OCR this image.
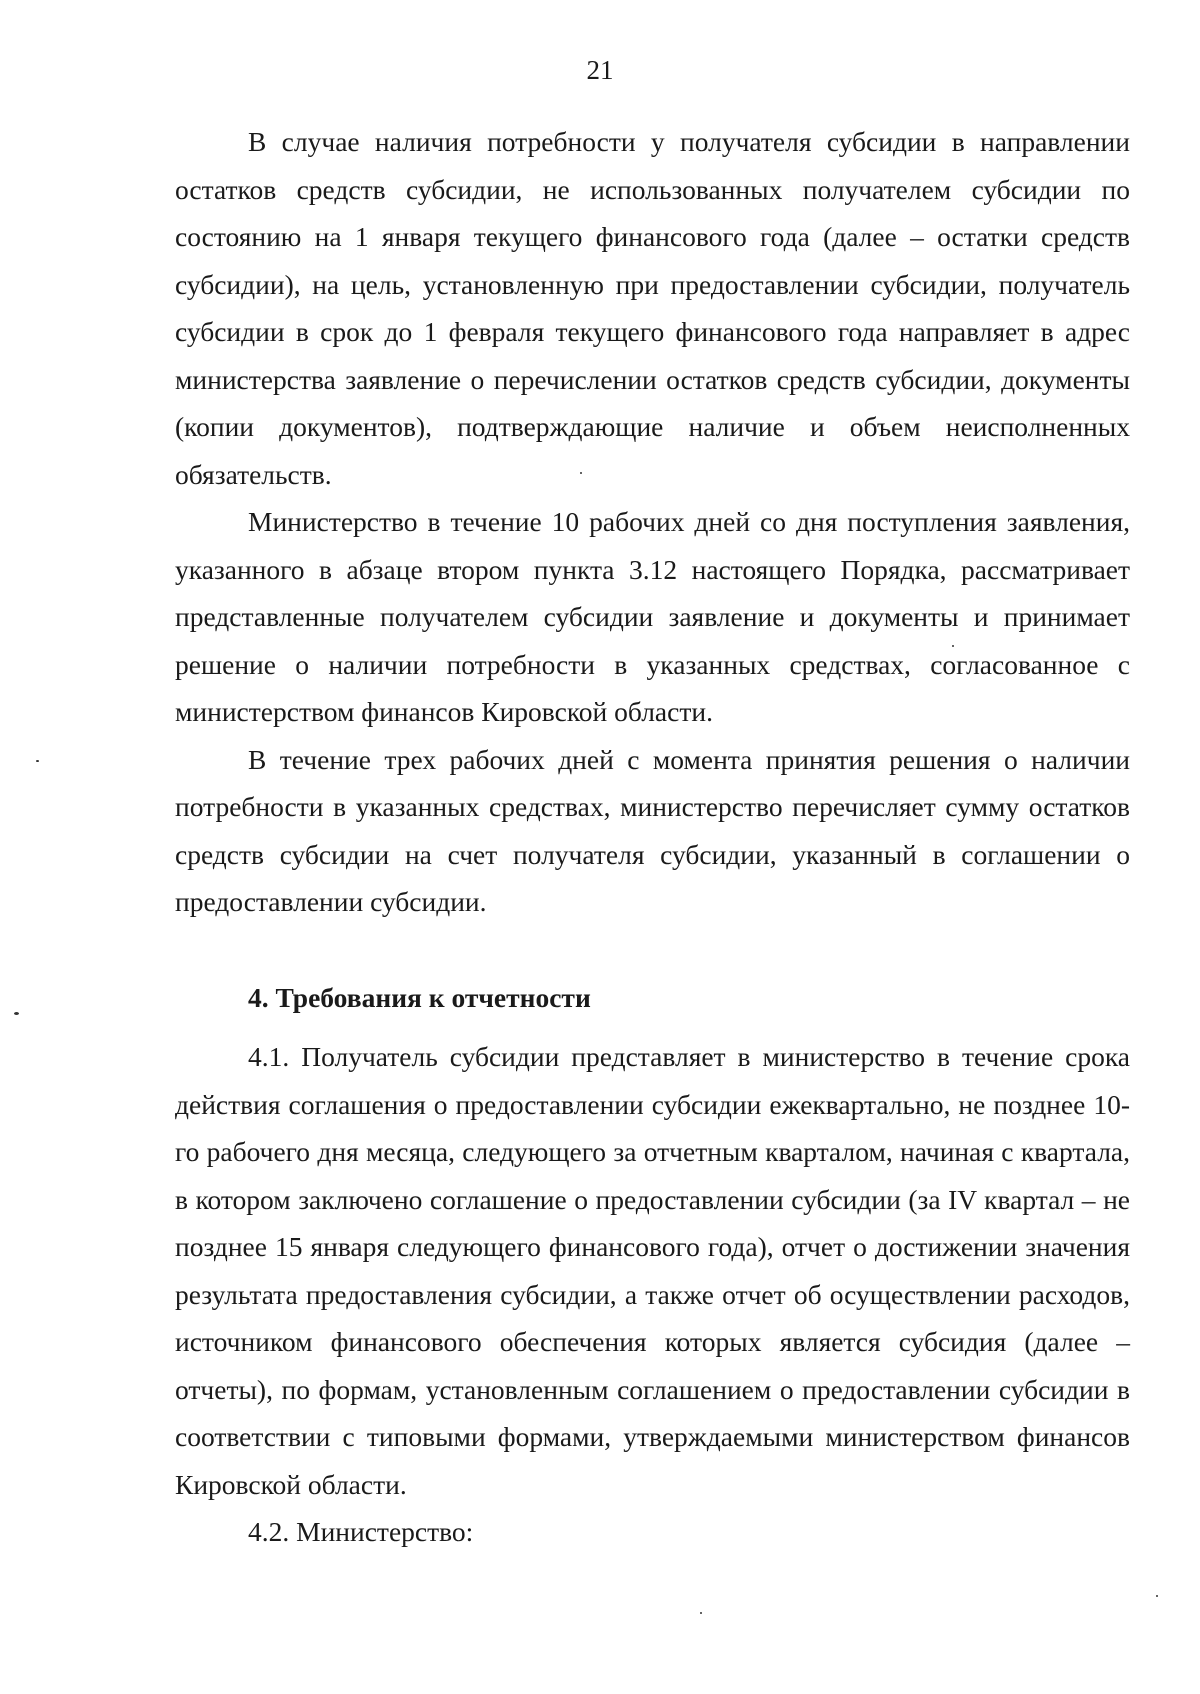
21

В случае наличия потребности у получателя субсидии в направлении остатков средств субсидии, не использованных получателем субсидии по состоянию на 1 января текущего финансового года (далее – остатки средств субсидии), на цель, установленную при предоставлении субсидии, получатель субсидии в срок до 1 февраля текущего финансового года направляет в адрес министерства заявление о перечислении остатков средств субсидии, документы (копии документов), подтверждающие наличие и объем неисполненных обязательств.

Министерство в течение 10 рабочих дней со дня поступления заявления, указанного в абзаце втором пункта 3.12 настоящего Порядка, рассматривает представленные получателем субсидии заявление и документы и принимает решение о наличии потребности в указанных средствах, согласованное с министерством финансов Кировской области.

В течение трех рабочих дней с момента принятия решения о наличии потребности в указанных средствах, министерство перечисляет сумму остатков средств субсидии на счет получателя субсидии, указанный в соглашении о предоставлении субсидии.

4. Требования к отчетности

4.1. Получатель субсидии представляет в министерство в течение срока действия соглашения о предоставлении субсидии ежеквартально, не позднее 10-го рабочего дня месяца, следующего за отчетным кварталом, начиная с квартала, в котором заключено соглашение о предоставлении субсидии (за IV квартал – не позднее 15 января следующего финансового года), отчет о достижении значения результата предоставления субсидии, а также отчет об осуществлении расходов, источником финансового обеспечения которых является субсидия (далее – отчеты), по формам, установленным соглашением о предоставлении субсидии в соответствии с типовыми формами, утверждаемыми министерством финансов Кировской области.

4.2. Министерство:
